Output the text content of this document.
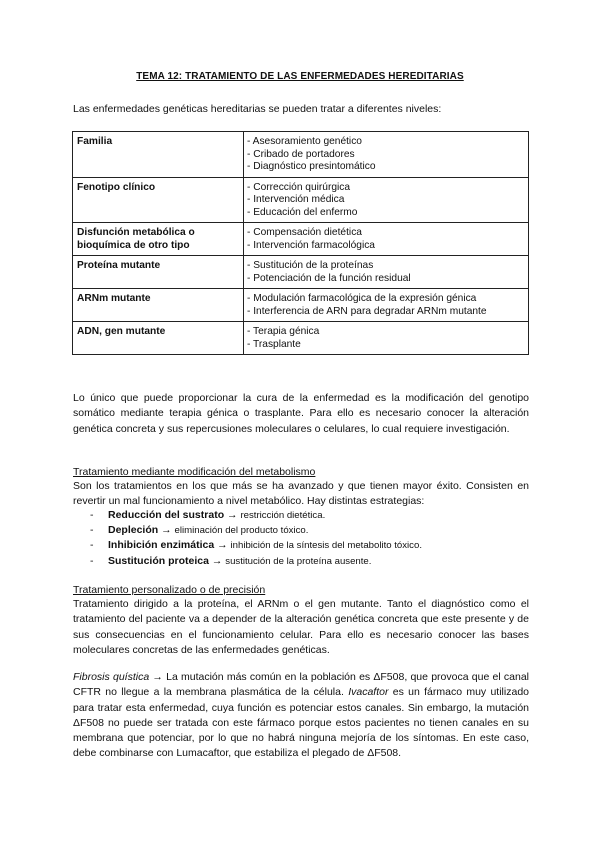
TEMA 12: TRATAMIENTO DE LAS ENFERMEDADES HEREDITARIAS
Las enfermedades genéticas hereditarias se pueden tratar a diferentes niveles:
Familia	- Asesoramiento genético
- Cribado de portadores
- Diagnóstico presintomático

Fenotipo clínico	- Corrección quirúrgica
- Intervención médica
- Educación del enfermo

Disfunción metabólica o bioquímica de otro tipo	- Compensación dietética
- Intervención farmacológica

Proteína mutante	- Sustitución de la proteínas
- Potenciación de la función residual

ARNm mutante	- Modulación farmacológica de la expresión génica
- Interferencia de ARN para degradar ARNm mutante

ADN, gen mutante	- Terapia génica
- Trasplante
Lo único que puede proporcionar la cura de la enfermedad es la modificación del genotipo somático mediante terapia génica o trasplante. Para ello es necesario conocer la alteración genética concreta y sus repercusiones moleculares o celulares, lo cual requiere investigación.
Tratamiento mediante modificación del metabolismo
Son los tratamientos en los que más se ha avanzado y que tienen mayor éxito. Consisten en revertir un mal funcionamiento a nivel metabólico. Hay distintas estrategias:
- Reducción del sustrato → restricción dietética.
- Depleción → eliminación del producto tóxico.
- Inhibición enzimática → inhibición de la síntesis del metabolito tóxico.
- Sustitución proteica → sustitución de la proteína ausente.
Tratamiento personalizado o de precisión
Tratamiento dirigido a la proteína, el ARNm o el gen mutante. Tanto el diagnóstico como el tratamiento del paciente va a depender de la alteración genética concreta que este presente y de sus consecuencias en el funcionamiento celular. Para ello es necesario conocer las bases moleculares concretas de las enfermedades genéticas.
Fibrosis quística → La mutación más común en la población es ΔF508, que provoca que el canal CFTR no llegue a la membrana plasmática de la célula. Ivacaftor es un fármaco muy utilizado para tratar esta enfermedad, cuya función es potenciar estos canales. Sin embargo, la mutación ΔF508 no puede ser tratada con este fármaco porque estos pacientes no tienen canales en su membrana que potenciar, por lo que no habrá ninguna mejoría de los síntomas. En este caso, debe combinarse con Lumacaftor, que estabiliza el plegado de ΔF508.
